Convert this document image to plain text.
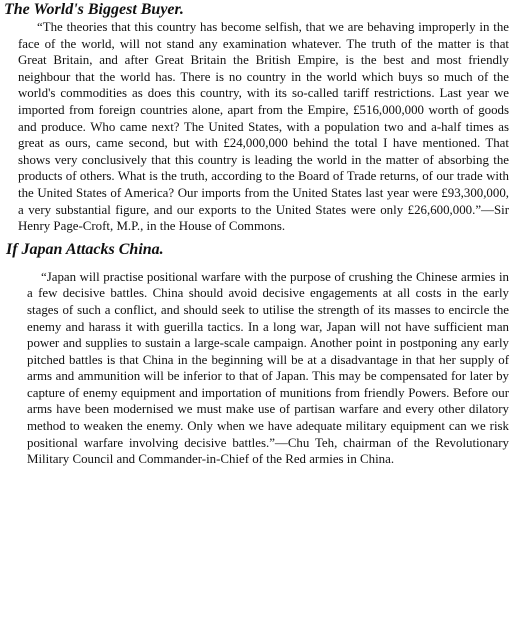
The World's Biggest Buyer.

“The theories that this country has become selfish, that we are behaving improperly in the face of the world, will not stand any examination whatever. The truth of the matter is that Great Britain, and after Great Britain the British Empire, is the best and most friendly neighbour that the world has. There is no country in the world which buys so much of the world's commodities as does this country, with its so-called tariff restrictions. Last year we imported from foreign countries alone, apart from the Empire, £516,000,000 worth of goods and produce. Who came next? The United States, with a population two and a-half times as great as ours, came second, but with £24,000,000 behind the total I have mentioned. That shows very conclusively that this country is leading the world in the matter of absorbing the products of others. What is the truth, according to the Board of Trade returns, of our trade with the United States of America? Our imports from the United States last year were £93,300,000, a very substantial figure, and our exports to the United States were only £26,600,000.”—Sir Henry Page-Croft, M.P., in the House of Commons.

If Japan Attacks China.

“Japan will practise positional warfare with the purpose of crushing the Chinese armies in a few decisive battles. China should avoid decisive engagements at all costs in the early stages of such a conflict, and should seek to utilise the strength of its masses to encircle the enemy and harass it with guerilla tactics. In a long war, Japan will not have sufficient man power and supplies to sustain a large-scale campaign. Another point in postponing any early pitched battles is that China in the beginning will be at a disadvantage in that her supply of arms and ammunition will be inferior to that of Japan. This may be compensated for later by capture of enemy equipment and importation of munitions from friendly Powers. Before our arms have been modernised we must make use of partisan warfare and every other dilatory method to weaken the enemy. Only when we have adequate military equipment can we risk positional warfare involving decisive battles.”—Chu Teh, chairman of the Revolutionary Military Council and Commander-in-Chief of the Red armies in China.
